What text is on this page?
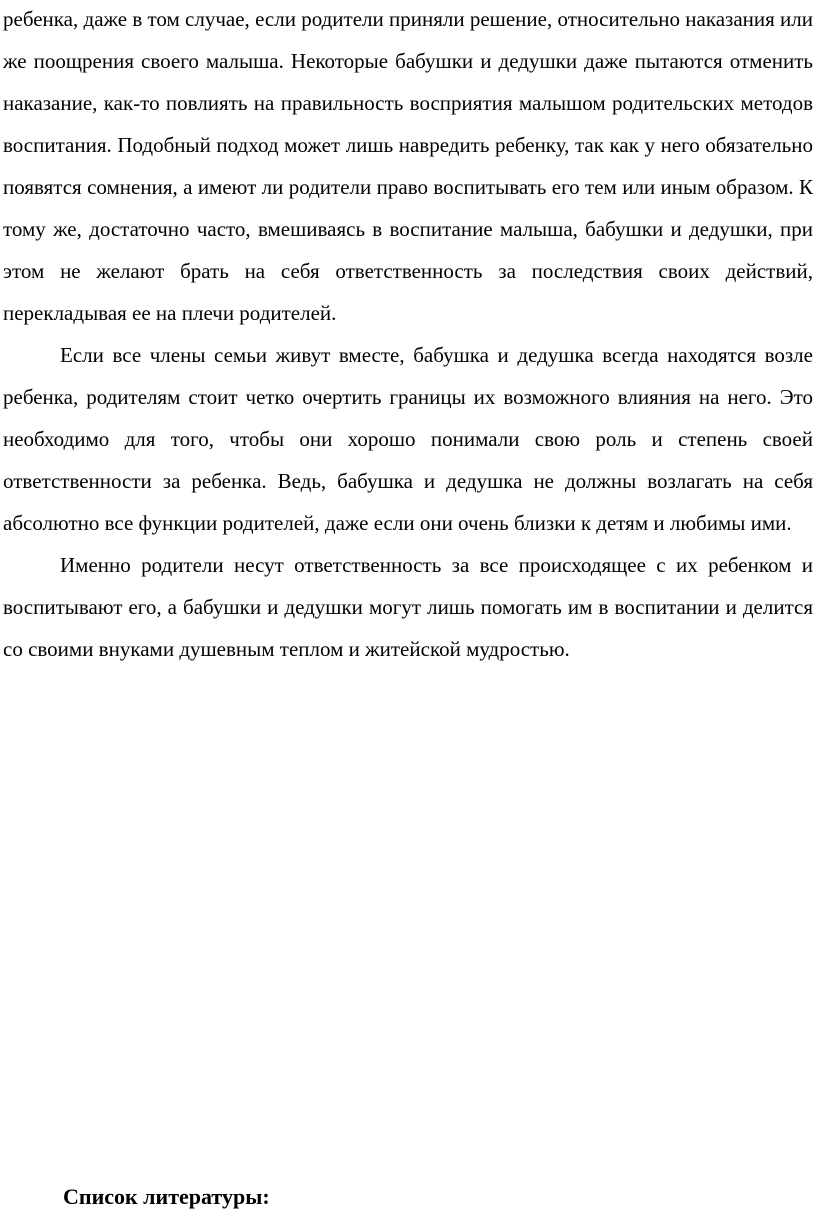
ребенка, даже в том случае, если родители приняли решение, относительно наказания или же поощрения своего малыша. Некоторые бабушки и дедушки даже пытаются отменить наказание, как-то повлиять на правильность восприятия малышом родительских методов воспитания. Подобный подход может лишь навредить ребенку, так как у него обязательно появятся сомнения, а имеют ли родители право воспитывать его тем или иным образом. К тому же, достаточно часто, вмешиваясь в воспитание малыша, бабушки и дедушки, при этом не желают брать на себя ответственность за последствия своих действий, перекладывая ее на плечи родителей.

Если все члены семьи живут вместе, бабушка и дедушка всегда находятся возле ребенка, родителям стоит четко очертить границы их возможного влияния на него. Это необходимо для того, чтобы они хорошо понимали свою роль и степень своей ответственности за ребенка. Ведь, бабушка и дедушка не должны возлагать на себя абсолютно все функции родителей, даже если они очень близки к детям и любимы ими.

Именно родители несут ответственность за все происходящее с их ребенком и воспитывают его, а бабушки и дедушки могут лишь помогать им в воспитании и делится со своими внуками душевным теплом и житейской мудростью.

Список литературы:
